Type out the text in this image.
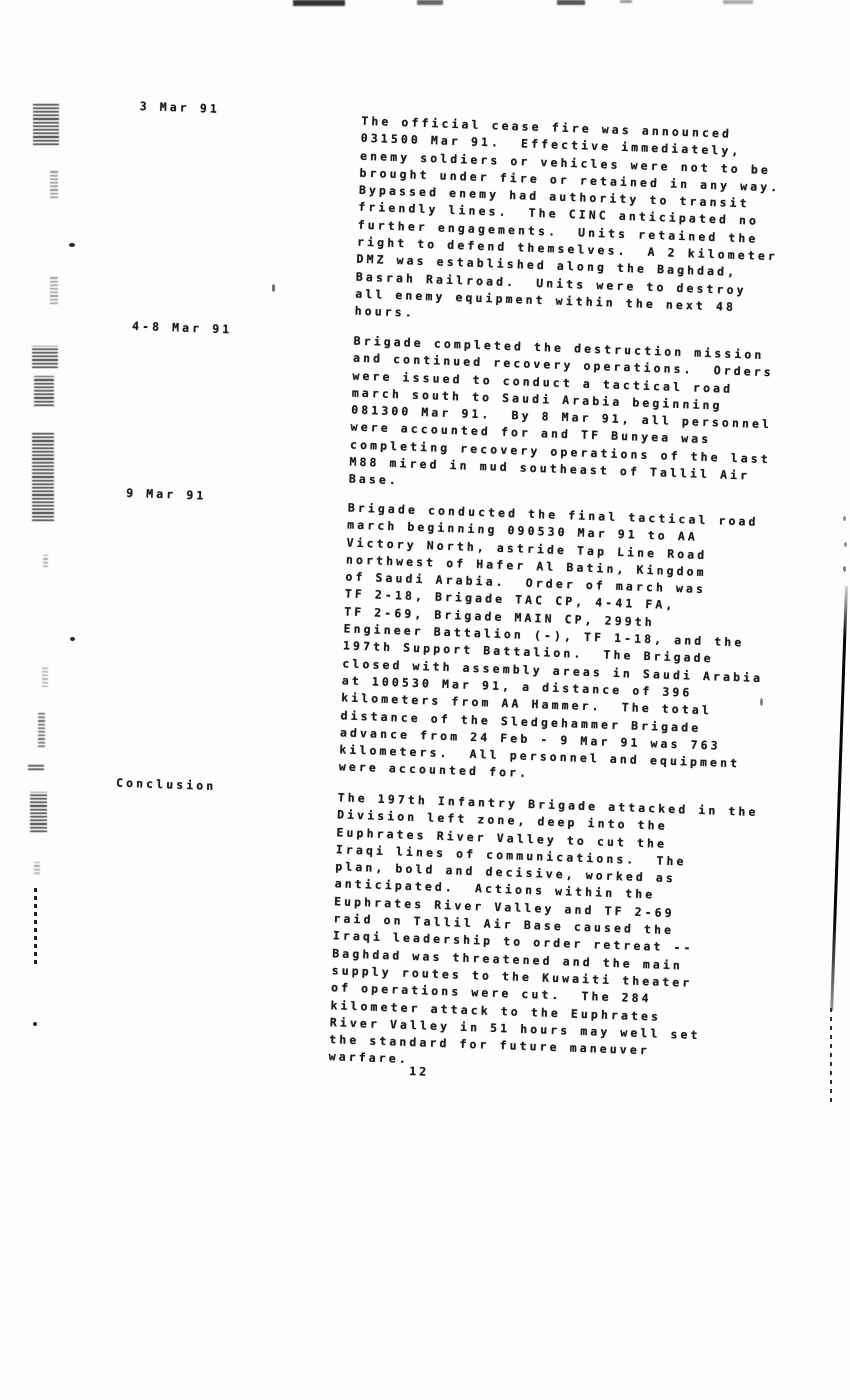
3 Mar 91
The official cease fire was announced
031500 Mar 91.  Effective immediately,
enemy soldiers or vehicles were not to be
brought under fire or retained in any way.
Bypassed enemy had authority to transit
friendly lines.  The CINC anticipated no
further engagements.  Units retained the
right to defend themselves.  A 2 kilometer
DMZ was established along the Baghdad,
Basrah Railroad.  Units were to destroy
all enemy equipment within the next 48
hours.
4-8 Mar 91
Brigade completed the destruction mission
and continued recovery operations.  Orders
were issued to conduct a tactical road
march south to Saudi Arabia beginning
081300 Mar 91.  By 8 Mar 91, all personnel
were accounted for and TF Bunyea was
completing recovery operations of the last
M88 mired in mud southeast of Tallil Air
Base.
9 Mar 91
Brigade conducted the final tactical road
march beginning 090530 Mar 91 to AA
Victory North, astride Tap Line Road
northwest of Hafer Al Batin, Kingdom
of Saudi Arabia.  Order of march was
TF 2-18, Brigade TAC CP, 4-41 FA,
TF 2-69, Brigade MAIN CP, 299th
Engineer Battalion (-), TF 1-18, and the
197th Support Battalion.  The Brigade
closed with assembly areas in Saudi Arabia
at 100530 Mar 91, a distance of 396
kilometers from AA Hammer.  The total
distance of the Sledgehammer Brigade
advance from 24 Feb - 9 Mar 91 was 763
kilometers.  All personnel and equipment
were accounted for.
Conclusion
The 197th Infantry Brigade attacked in the
Division left zone, deep into the
Euphrates River Valley to cut the
Iraqi lines of communications.  The
plan, bold and decisive, worked as
anticipated.  Actions within the
Euphrates River Valley and TF 2-69
raid on Tallil Air Base caused the
Iraqi leadership to order retreat --
Baghdad was threatened and the main
supply routes to the Kuwaiti theater
of operations were cut.  The 284
kilometer attack to the Euphrates
River Valley in 51 hours may well set
the standard for future maneuver
warfare.
12
